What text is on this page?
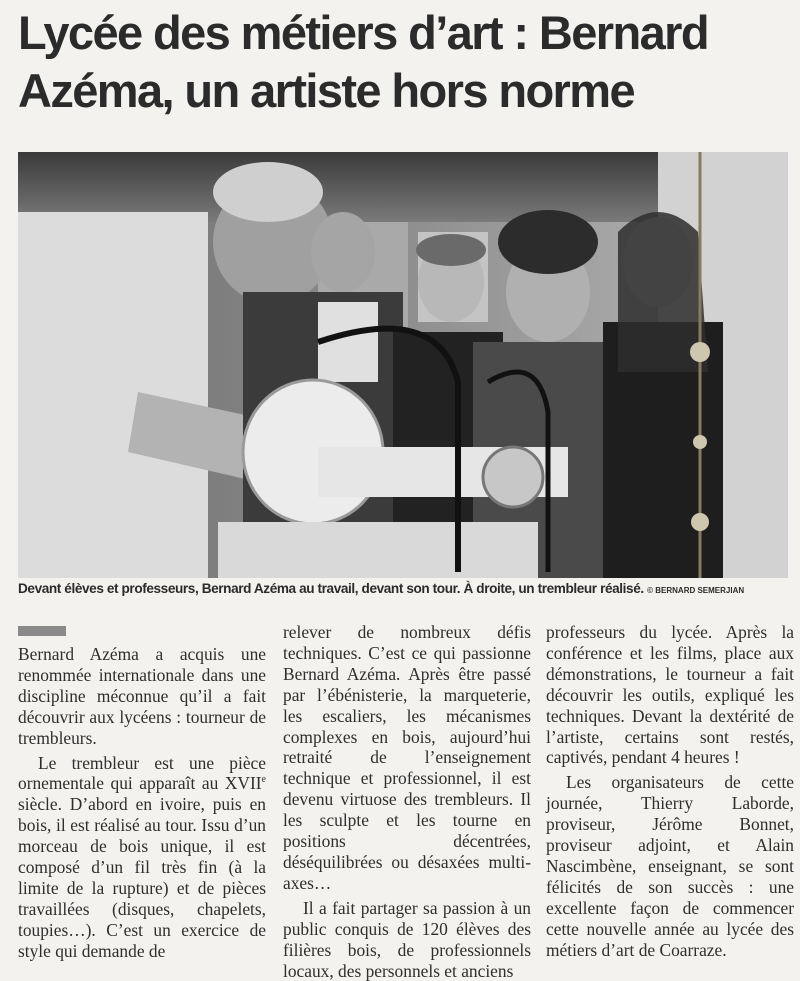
Lycée des métiers d’art : Bernard
Azéma, un artiste hors norme
Devant élèves et professeurs, Bernard Azéma au travail, devant son tour. À droite, un trembleur réalisé. © BERNARD SEMERJIAN

Bernard Azéma a acquis une renommée internationale dans une discipline méconnue qu’il a fait découvrir aux lycéens : tourneur de trembleurs.

Le trembleur est une pièce ornementale qui apparaît au XVIIe siècle. D’abord en ivoire, puis en bois, il est réalisé au tour. Issu d’un morceau de bois unique, il est composé d’un fil très fin (à la limite de la rupture) et de pièces travaillées (disques, chapelets, toupies…). C’est un exercice de style qui demande de

relever de nombreux défis techniques. C’est ce qui passionne Bernard Azéma. Après être passé par l’ébénisterie, la marqueterie, les escaliers, les mécanismes complexes en bois, aujourd’hui retraité de l’enseignement technique et professionnel, il est devenu virtuose des trembleurs. Il les sculpte et les tourne en positions décentrées, déséquilibrées ou désaxées multi-axes…

Il a fait partager sa passion à un public conquis de 120 élèves des filières bois, de professionnels locaux, des personnels et anciens

professeurs du lycée. Après la conférence et les films, place aux démonstrations, le tourneur a fait découvrir les outils, expliqué les techniques. Devant la dextérité de l’artiste, certains sont restés, captivés, pendant 4 heures !

Les organisateurs de cette journée, Thierry Laborde, proviseur, Jérôme Bonnet, proviseur adjoint, et Alain Nascimbène, enseignant, se sont félicités de son succès : une excellente façon de commencer cette nouvelle année au lycée des métiers d’art de Coarraze.
